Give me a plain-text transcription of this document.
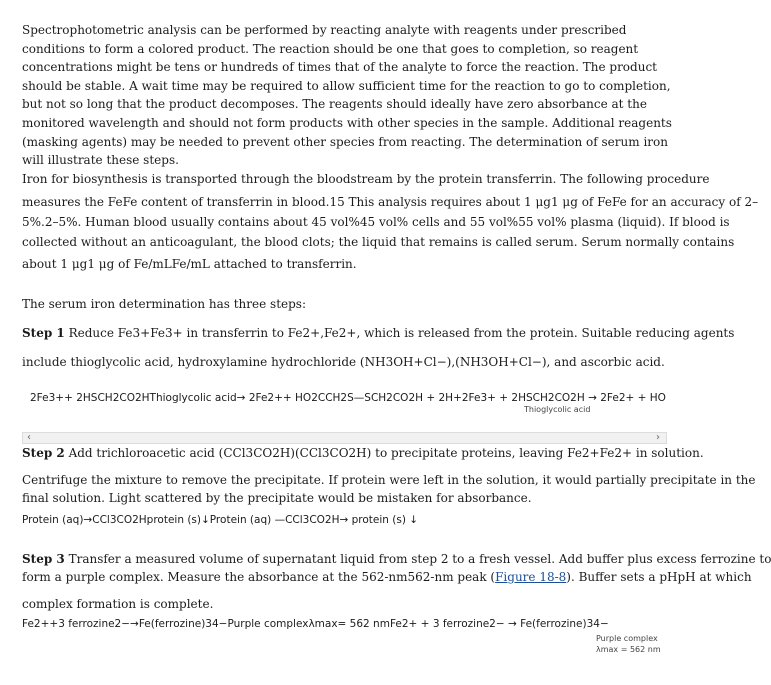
Spectrophotometric analysis can be performed by reacting analyte with reagents under prescribed conditions to form a colored product. The reaction should be one that goes to completion, so reagent concentrations might be tens or hundreds of times that of the analyte to force the reaction. The product should be stable. A wait time may be required to allow sufficient time for the reaction to go to completion, but not so long that the product decomposes. The reagents should ideally have zero absorbance at the monitored wavelength and should not form products with other species in the sample. Additional reagents (masking agents) may be needed to prevent other species from reacting. The determination of serum iron will illustrate these steps.

Iron for biosynthesis is transported through the bloodstream by the protein transferrin. The following procedure

measures the FeFe content of transferrin in blood.15 This analysis requires about 1 μg1 μg of FeFe for an accuracy of 2–

5%.2–5%. Human blood usually contains about 45 vol%45 vol% cells and 55 vol%55 vol% plasma (liquid). If blood is

collected without an anticoagulant, the blood clots; the liquid that remains is called serum. Serum normally contains

about 1 μg1 μg of Fe/mLFe/mL attached to transferrin.

The serum iron determination has three steps:

Step 1 Reduce Fe3+Fe3+ in transferrin to Fe2+,Fe2+, which is released from the protein. Suitable reducing agents

include thioglycolic acid, hydroxylamine hydrochloride (NH3OH+Cl−),(NH3OH+Cl−), and ascorbic acid.

2Fe3++ 2HSCH2CO2HThioglycolic acid→ 2Fe2++ HO2CCH2S—SCH2CO2H + 2H+2Fe3+ + 2HSCH2CO2H → 2Fe2+ + HO

Thioglycolic acid
‹	›

Step 2 Add trichloroacetic acid (CCl3CO2H)(CCl3CO2H) to precipitate proteins, leaving Fe2+Fe2+ in solution.

Centrifuge the mixture to remove the precipitate. If protein were left in the solution, it would partially precipitate in the

final solution. Light scattered by the precipitate would be mistaken for absorbance.

Protein (aq)→CCl3CO2Hprotein (s)↓Protein (aq) —CCl3CO2H→ protein (s) ↓

Step 3 Transfer a measured volume of supernatant liquid from step 2 to a fresh vessel. Add buffer plus excess ferrozine to

form a purple complex. Measure the absorbance at the 562-nm562-nm peak (Figure 18-8). Buffer sets a pHpH at which

complex formation is complete.

Fe2++3 ferrozine2−→Fe(ferrozine)34−Purple complexλmax= 562 nmFe2+ + 3 ferrozine2− → Fe(ferrozine)34−

Purple complex
λmax = 562 nm
